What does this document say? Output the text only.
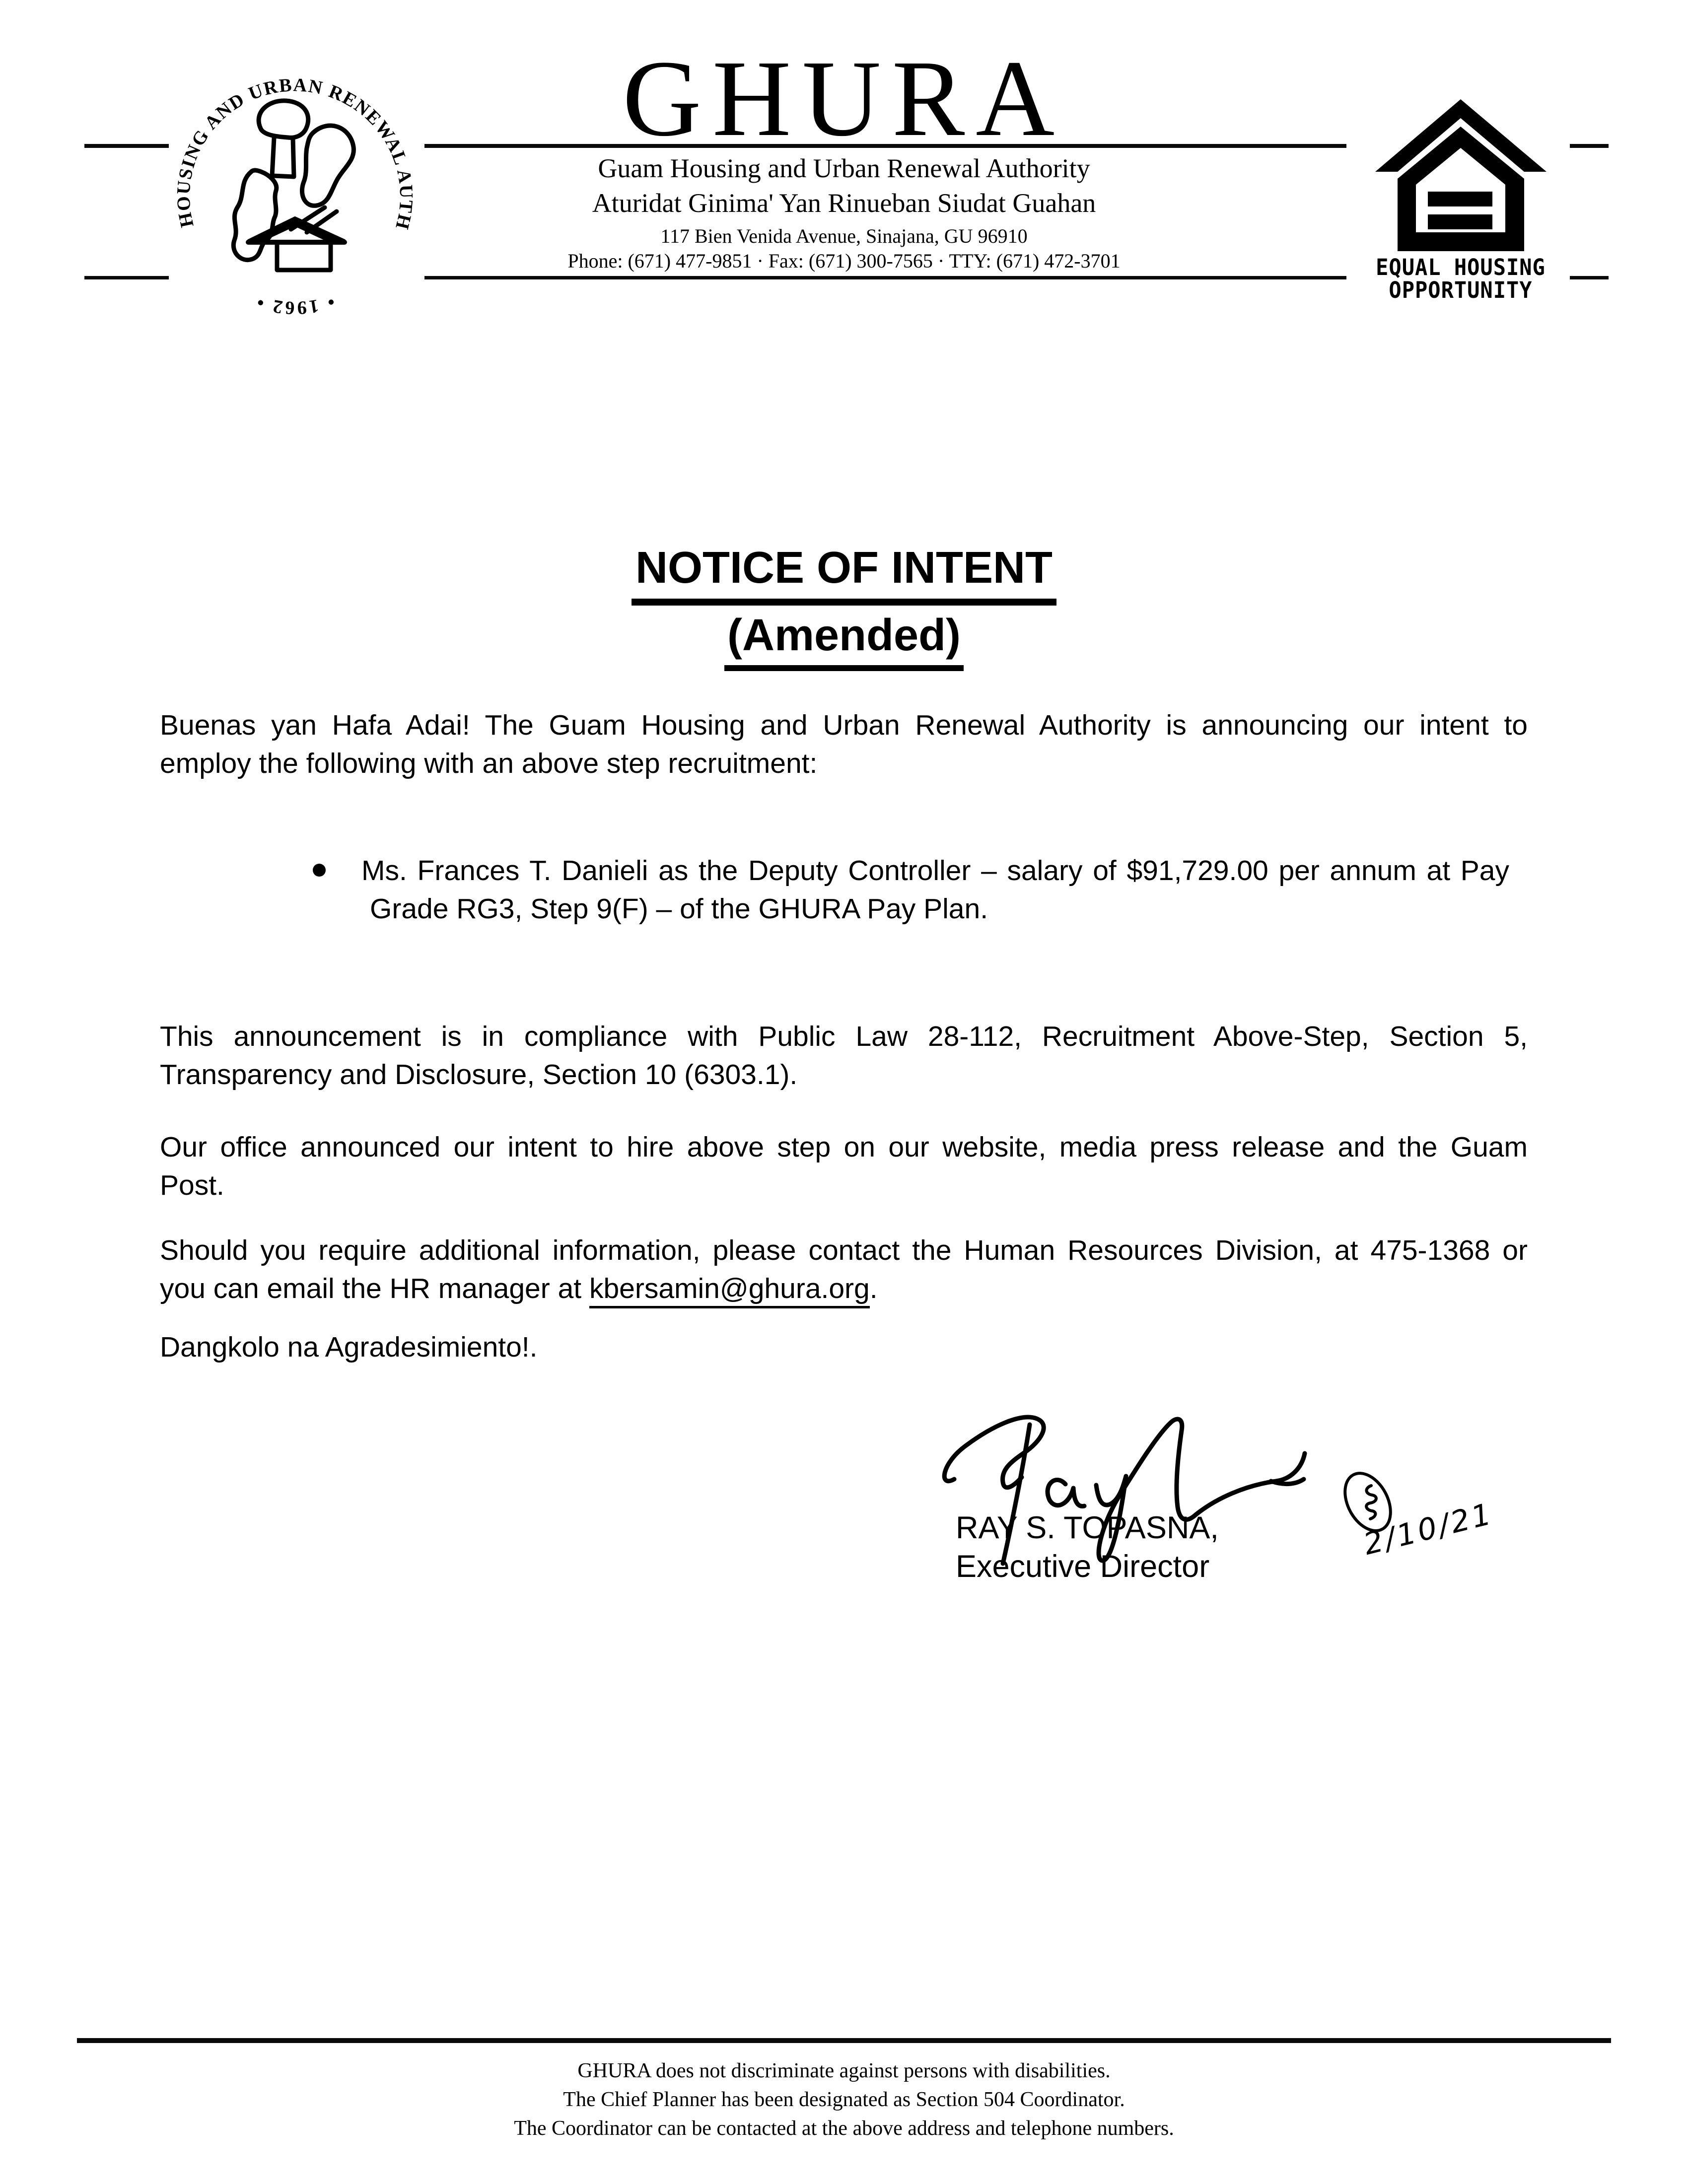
GUAM HOUSING AND URBAN RENEWAL AUTHORITY
• 1962 •
GHURA
Guam Housing and Urban Renewal Authority
Aturidat Ginima' Yan Rinueban Siudat Guahan
117 Bien Venida Avenue, Sinajana, GU 96910
Phone: (671) 477-9851 · Fax: (671) 300-7565 · TTY: (671) 472-3701	EQUAL HOUSING
OPPORTUNITY
NOTICE OF INTENT
(Amended)
Buenas yan Hafa Adai! The Guam Housing and Urban Renewal Authority is announcing our intent to
employ the following with an above step recruitment:
Ms. Frances T. Danieli as the Deputy Controller – salary of $91,729.00 per annum at Pay
Grade RG3, Step 9(F) – of the GHURA Pay Plan.
This announcement is in compliance with Public Law 28-112, Recruitment Above-Step, Section 5,
Transparency and Disclosure, Section 10 (6303.1).
Our office announced our intent to hire above step on our website, media press release and the Guam
Post.
Should you require additional information, please contact the Human Resources Division, at 475-1368 or
you can email the HR manager at kbersamin@ghura.org.
Dangkolo na Agradesimiento!.
RAY S. TOPASNA,
Executive Director
2/10/21
GHURA does not discriminate against persons with disabilities.
The Chief Planner has been designated as Section 504 Coordinator.
The Coordinator can be contacted at the above address and telephone numbers.
